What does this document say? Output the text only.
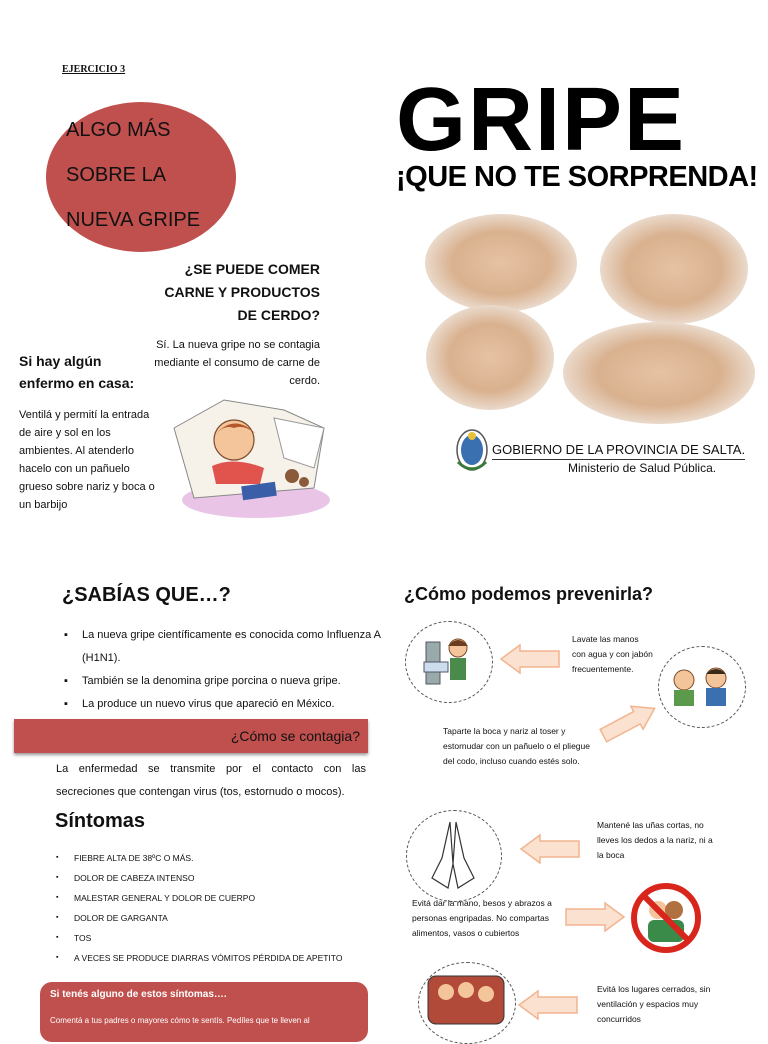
EJERCICIO 3
ALGO MÁS
SOBRE LA
NUEVA GRIPE
¿SE PUEDE COMER
CARNE Y PRODUCTOS
DE CERDO?
Sí. La nueva gripe no se contagia mediante el consumo de carne de cerdo.
Si hay algún
enfermo en casa:
Ventilá y permití la entrada de aire y sol en los ambientes. Al atenderlo hacelo con un pañuelo grueso sobre nariz y boca o un barbijo
GRIPE
¡QUE NO TE SORPRENDA!
GOBIERNO DE LA PROVINCIA DE SALTA.
Ministerio de Salud Pública.
¿SABÍAS QUE…?
▪ La nueva gripe científicamente es conocida como Influenza A (H1N1).
▪ También se la denomina gripe porcina o nueva gripe.
▪ La produce un nuevo virus que apareció en México.
¿Cómo se contagia?
La enfermedad se transmite por el contacto con las secreciones que contengan virus (tos, estornudo o mocos).
Síntomas
▪ FIEBRE ALTA DE 38ºC O MÁS.
▪ DOLOR DE CABEZA INTENSO
▪ MALESTAR GENERAL Y DOLOR DE CUERPO
▪ DOLOR DE GARGANTA
▪ TOS
▪ A VECES SE PRODUCE DIARRAS VÓMITOS PÉRDIDA DE APETITO
Si tenés alguno de estos síntomas….
Comentá a tus padres o mayores cómo te sentís. Pedíles que te lleven al
¿Cómo podemos prevenirla?
Lavate las manos con agua y con jabón frecuentemente.
Taparte la boca y nariz al toser y estornudar con un pañuelo o el pliegue del codo, incluso cuando estés solo.
Mantené las uñas cortas, no lleves los dedos a la nariz, ni a la boca
Evitá dar la mano, besos y abrazos a personas engripadas. No compartas alimentos, vasos o cubiertos
Evitá los lugares cerrados, sin ventilación y espacios muy concurridos
